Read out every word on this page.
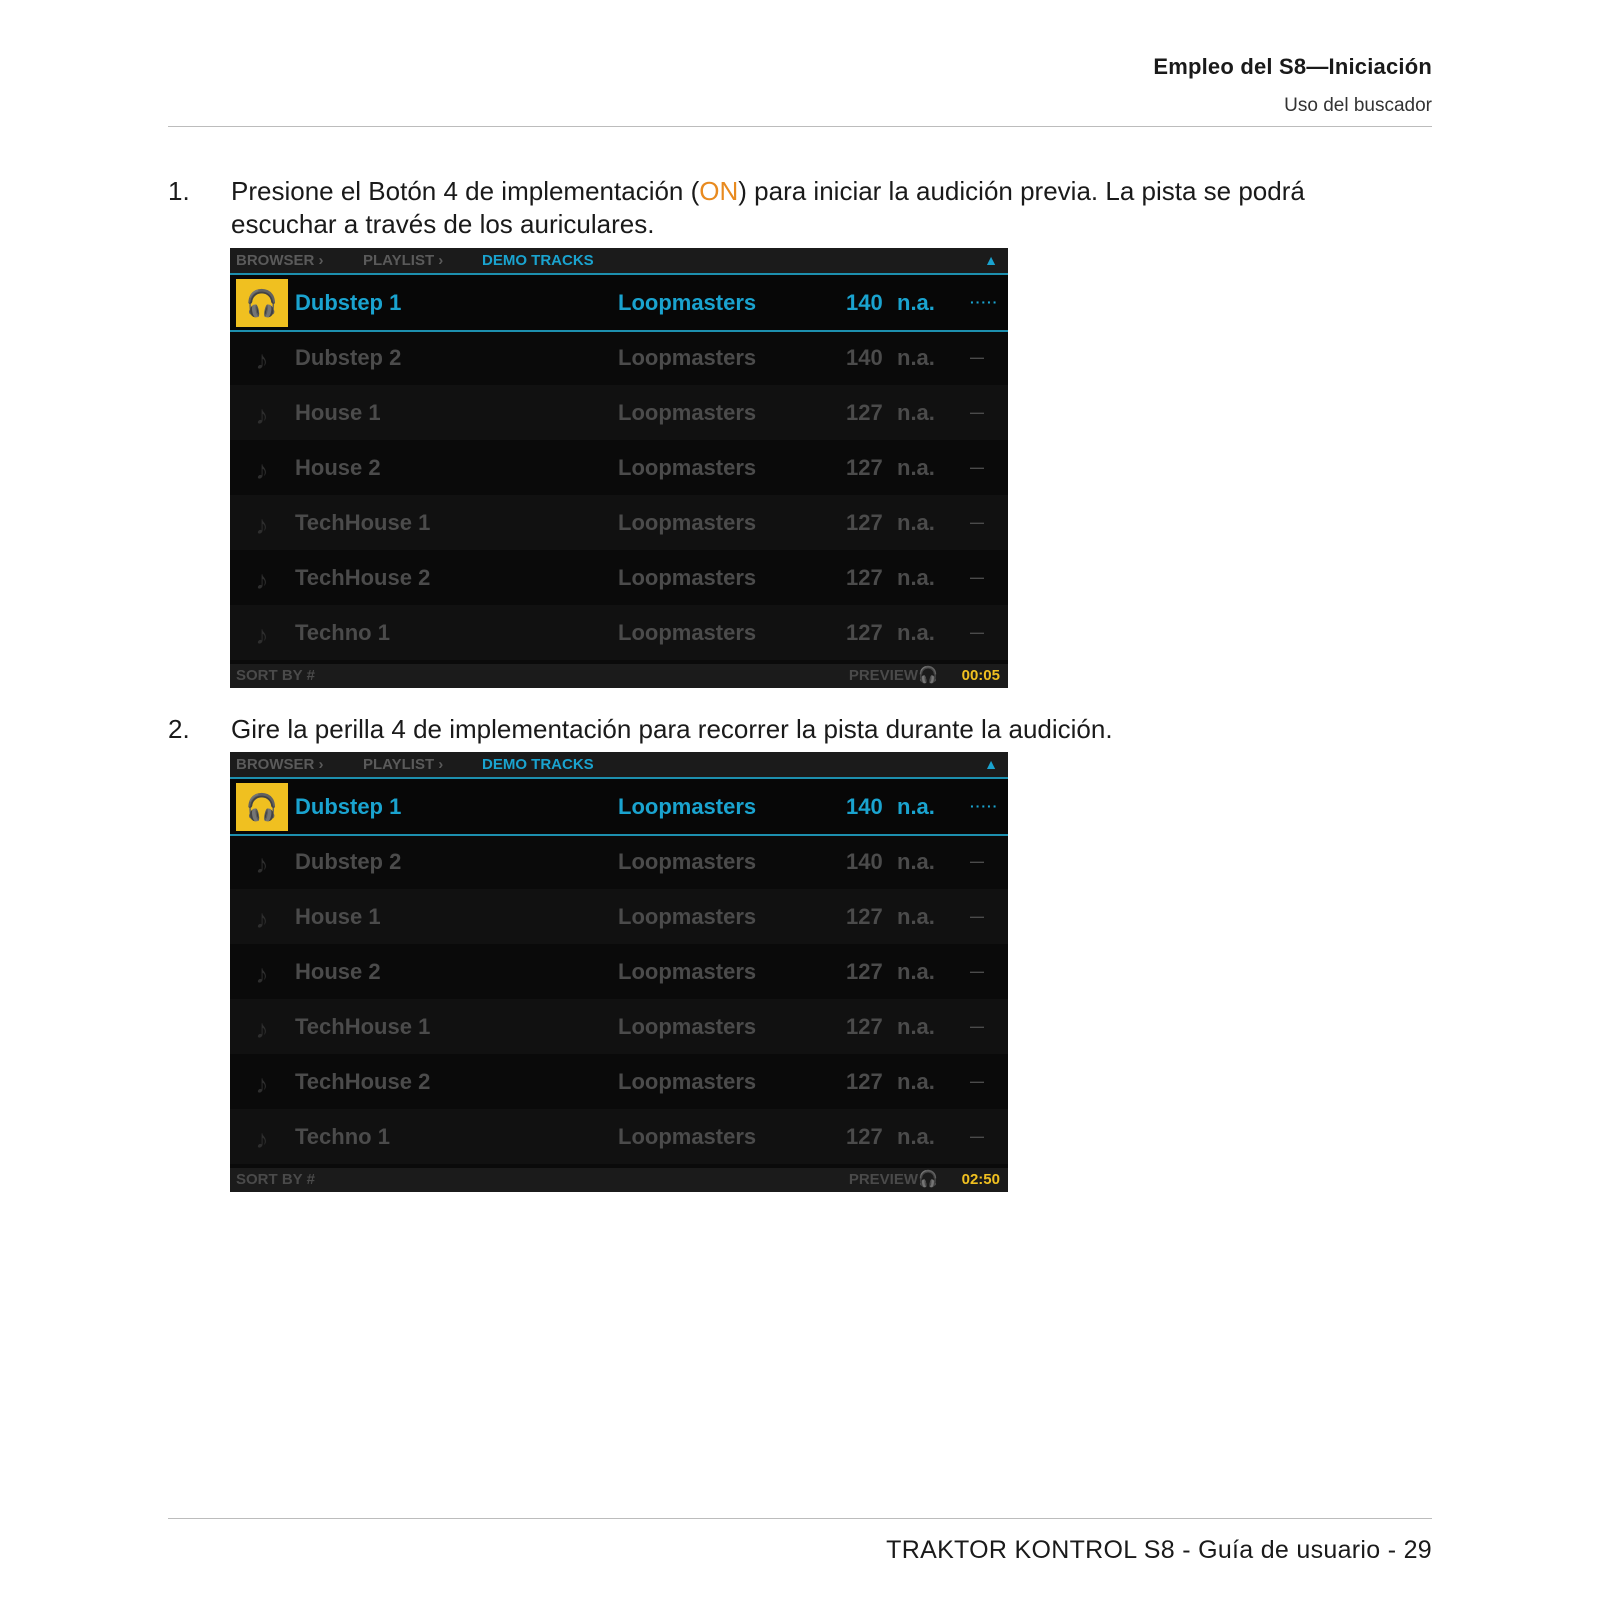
Empleo del S8—Iniciación
Uso del buscador
1.	Presione el Botón 4 de implementación (ON) para iniciar la audición previa. La pista se podrá escuchar a través de los auriculares.
BROWSER ›	PLAYLIST ›	DEMO TRACKS	▲
🎧 Dubstep 1	Loopmasters	140 n.a.	·····
♪	Dubstep 2	Loopmasters	140 n.a.	—
♪	House 1	Loopmasters	127 n.a.	—
♪	House 2	Loopmasters	127 n.a.	—
♪	TechHouse 1	Loopmasters	127 n.a.	—
♪	TechHouse 2	Loopmasters	127 n.a.	—
♪	Techno 1	Loopmasters	127 n.a.	—
SORT BY #	PREVIEW 🎧 00:05
2.	Gire la perilla 4 de implementación para recorrer la pista durante la audición.
BROWSER ›	PLAYLIST ›	DEMO TRACKS	▲
🎧 Dubstep 1	Loopmasters	140 n.a.	·····
♪	Dubstep 2	Loopmasters	140 n.a.	—
♪	House 1	Loopmasters	127 n.a.	—
♪	House 2	Loopmasters	127 n.a.	—
♪	TechHouse 1	Loopmasters	127 n.a.	—
♪	TechHouse 2	Loopmasters	127 n.a.	—
♪	Techno 1	Loopmasters	127 n.a.	—
SORT BY #	PREVIEW 🎧 02:50
TRAKTOR KONTROL S8 - Guía de usuario - 29
